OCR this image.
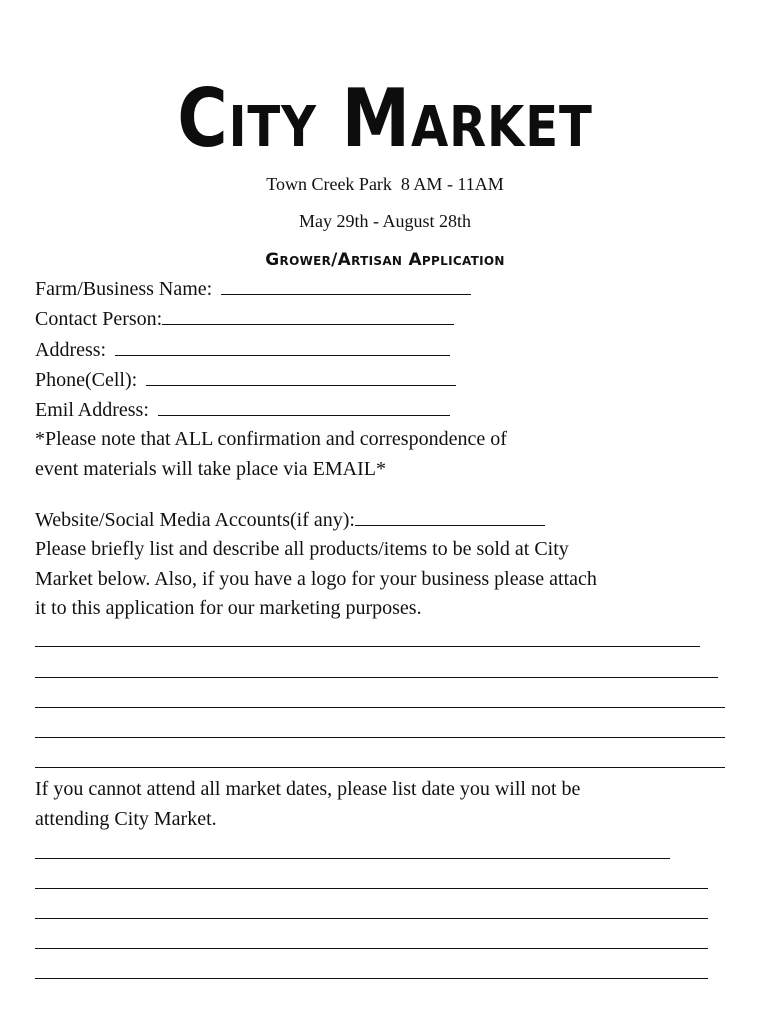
City Market
Town Creek Park  8 AM - 11AM
May 29th - August 28th
Grower/Artisan Application
Farm/Business Name:
Contact Person:
Address:
Phone(Cell):
Emil Address:
*Please note that ALL confirmation and correspondence of
event materials will take place via EMAIL*
Website/Social Media Accounts(if any):
Please briefly list and describe all products/items to be sold at City
Market below. Also, if you have a logo for your business please attach
it to this application for our marketing purposes.
If you cannot attend all market dates, please list date you will not be
attending City Market.
